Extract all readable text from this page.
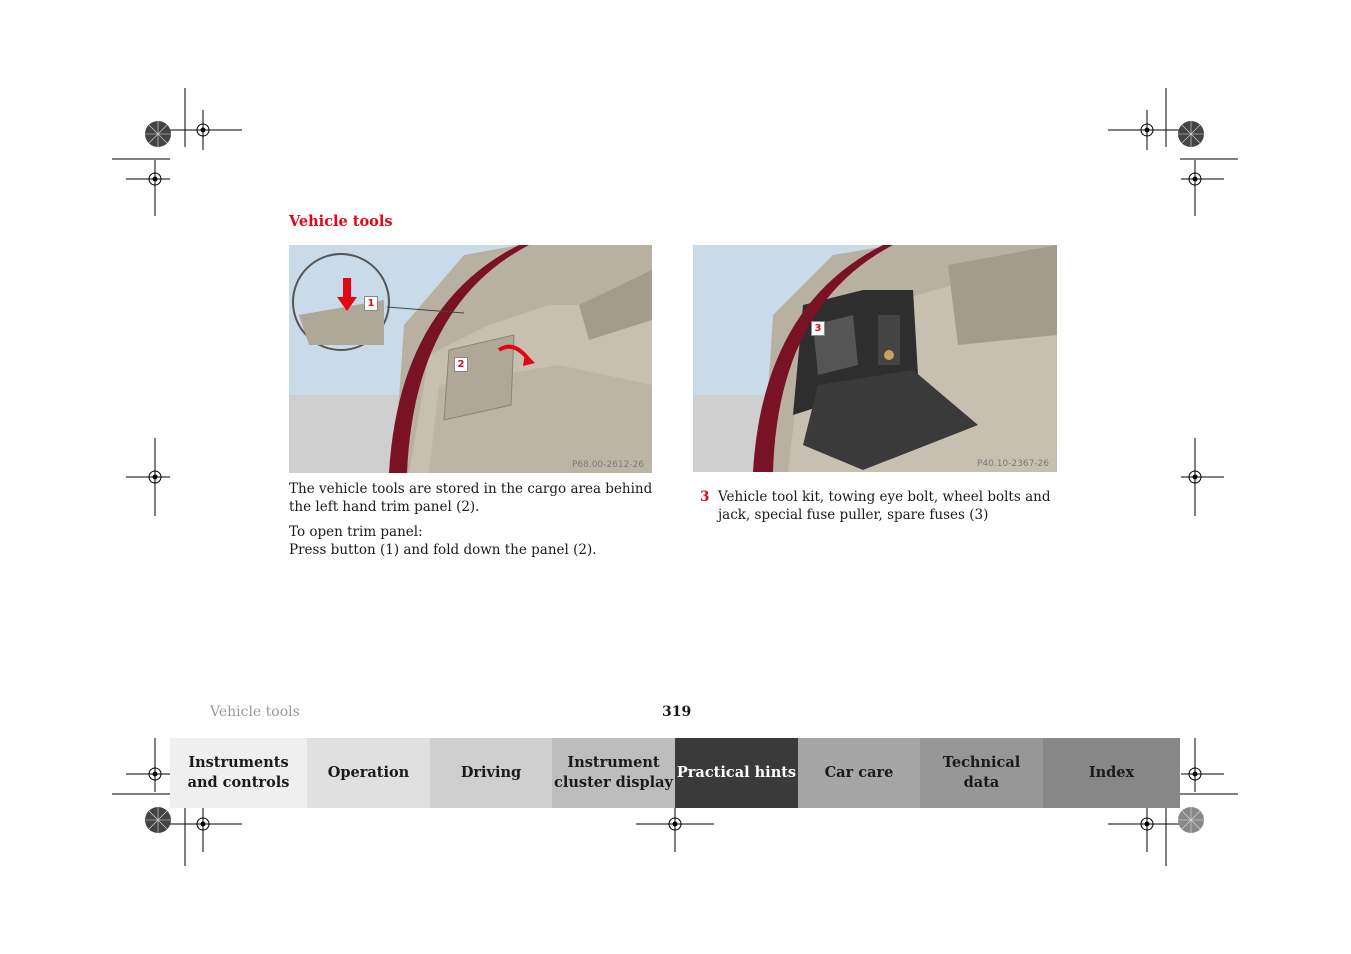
Vehicle tools
1
2
P68.00-2612-26
3
P40.10-2367-26
The vehicle tools are stored in the cargo area behind the left hand trim panel (2).
To open trim panel:
Press button (1) and fold down the panel (2).
3 Vehicle tool kit, towing eye bolt, wheel bolts and jack, special fuse puller, spare fuses (3)
Vehicle tools	319
Instruments
and controls
Operation	Driving
Instrument
cluster display
Practical hints	Car care
Technical
data
Index
